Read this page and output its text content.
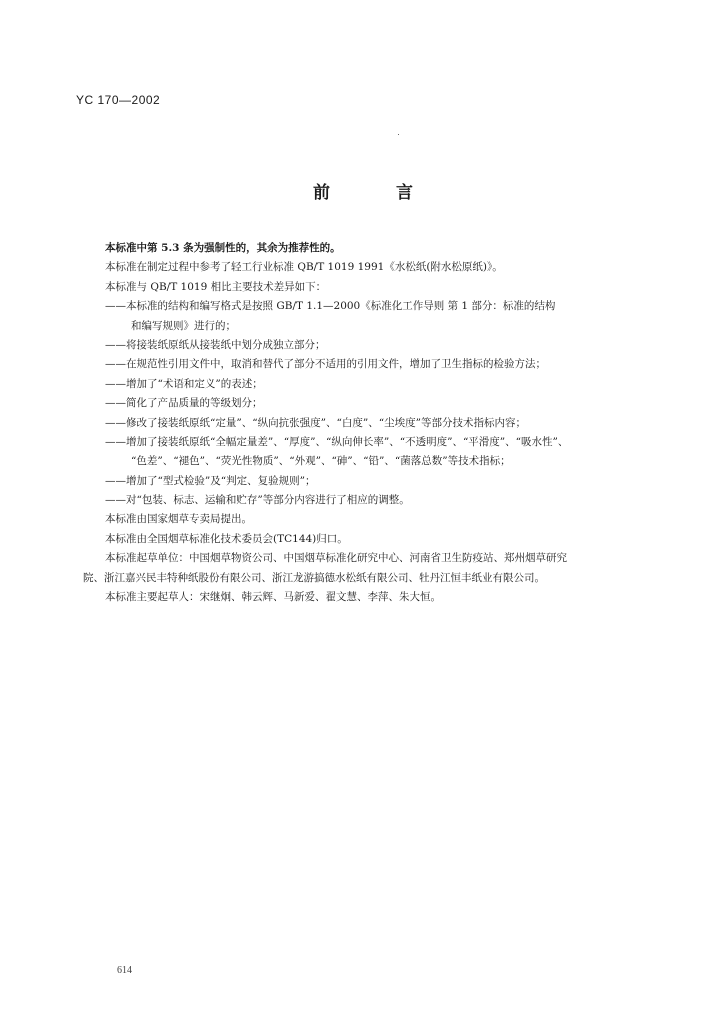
YC 170—2002
前 言
本标准中第 5.3 条为强制性的，其余为推荐性的。
本标准在制定过程中参考了轻工行业标准 QB/T 1019 1991《水松纸(附水松原纸)》。
本标准与 QB/T 1019 相比主要技术差异如下：
——本标准的结构和编写格式是按照 GB/T 1.1—2000《标准化工作导则 第 1 部分：标准的结构
和编写规则》进行的；
——将接装纸原纸从接装纸中划分成独立部分；
——在规范性引用文件中，取消和替代了部分不适用的引用文件，增加了卫生指标的检验方法；
——增加了“术语和定义”的表述；
——简化了产品质量的等级划分；
——修改了接装纸原纸“定量”、“纵向抗张强度”、“白度”、“尘埃度”等部分技术指标内容；
——增加了接装纸原纸“全幅定量差”、“厚度”、“纵向伸长率”、“不透明度”、“平滑度”、“吸水性”、
“色差”、“褪色”、“荧光性物质”、“外观”、“砷”、“铅”、“菌落总数”等技术指标；
——增加了“型式检验”及“判定、复验规则”；
——对“包装、标志、运输和贮存”等部分内容进行了相应的调整。
本标准由国家烟草专卖局提出。
本标准由全国烟草标准化技术委员会(TC144)归口。
本标准起草单位：中国烟草物资公司、中国烟草标准化研究中心、河南省卫生防疫站、郑州烟草研究
院、浙江嘉兴民丰特种纸股份有限公司、浙江龙游搞德水松纸有限公司、牡丹江恒丰纸业有限公司。
本标准主要起草人：宋继炯、韩云辉、马新爱、翟文慧、李萍、朱大恒。
614
